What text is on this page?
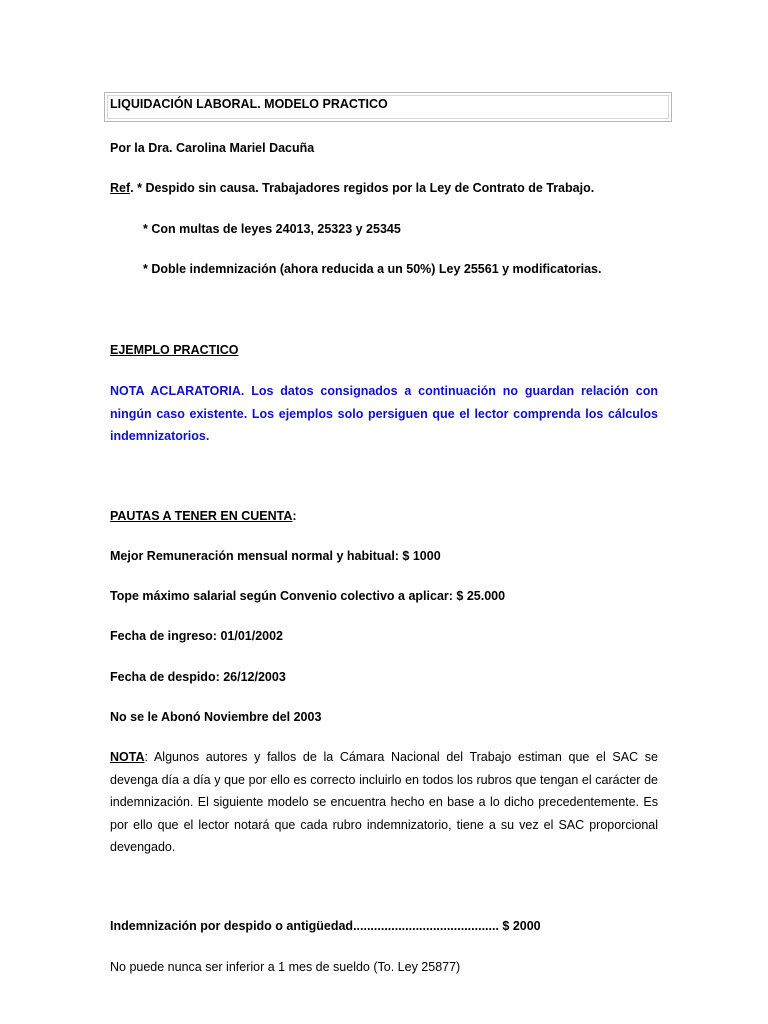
LIQUIDACIÓN LABORAL. MODELO PRACTICO
Por la Dra. Carolina Mariel Dacuña
Ref. * Despido sin causa. Trabajadores regidos por la Ley de Contrato de Trabajo.
* Con multas de leyes 24013, 25323 y 25345
* Doble indemnización (ahora reducida a un 50%) Ley 25561 y modificatorias.
EJEMPLO PRACTICO
NOTA ACLARATORIA. Los datos consignados a continuación no guardan relación con ningún caso existente. Los ejemplos solo persiguen que el lector comprenda los cálculos indemnizatorios.
PAUTAS A TENER EN CUENTA:
Mejor Remuneración mensual normal y habitual: $ 1000
Tope máximo salarial según Convenio colectivo a aplicar: $ 25.000
Fecha de ingreso: 01/01/2002
Fecha de despido: 26/12/2003
No se le Abonó Noviembre del 2003
NOTA: Algunos autores y fallos de la Cámara Nacional del Trabajo estiman que el SAC se devenga día a día y que por ello es correcto incluirlo en todos los rubros que tengan el carácter de indemnización. El siguiente modelo se encuentra hecho en base a lo dicho precedentemente. Es por ello que el lector notará que cada rubro indemnizatorio, tiene a su vez el SAC proporcional devengado.
Indemnización por despido o antigüedad.......................................... $ 2000
No puede nunca ser inferior a 1 mes de sueldo (To. Ley 25877)
